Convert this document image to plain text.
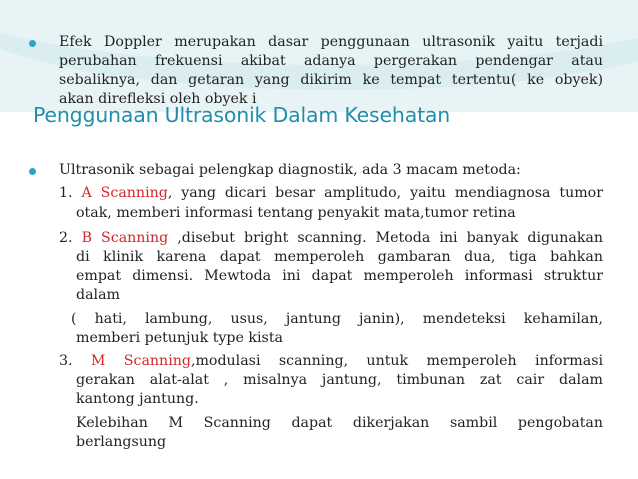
Efek Doppler merupakan dasar penggunaan ultrasonik yaitu terjadi
perubahan frekuensi akibat adanya pergerakan pendengar atau
sebaliknya, dan getaran yang dikirim ke tempat tertentu( ke obyek)
akan direfleksi oleh obyek i
Penggunaan Ultrasonik Dalam Kesehatan
Ultrasonik sebagai pelengkap diagnostik, ada 3 macam metoda:
1. A Scanning, yang dicari besar amplitudo, yaitu mendiagnosa tumor
otak, memberi informasi tentang penyakit mata,tumor retina
2. B Scanning ,disebut bright scanning. Metoda ini banyak digunakan
di klinik karena dapat memperoleh gambaran dua, tiga bahkan
empat dimensi. Mewtoda ini dapat memperoleh informasi struktur
dalam
( hati, lambung, usus, jantung janin), mendeteksi kehamilan,
memberi petunjuk type kista
3. M Scanning,modulasi scanning, untuk memperoleh informasi
gerakan alat-alat , misalnya jantung, timbunan zat cair dalam
kantong jantung.
Kelebihan M Scanning dapat dikerjakan sambil pengobatan
berlangsung
